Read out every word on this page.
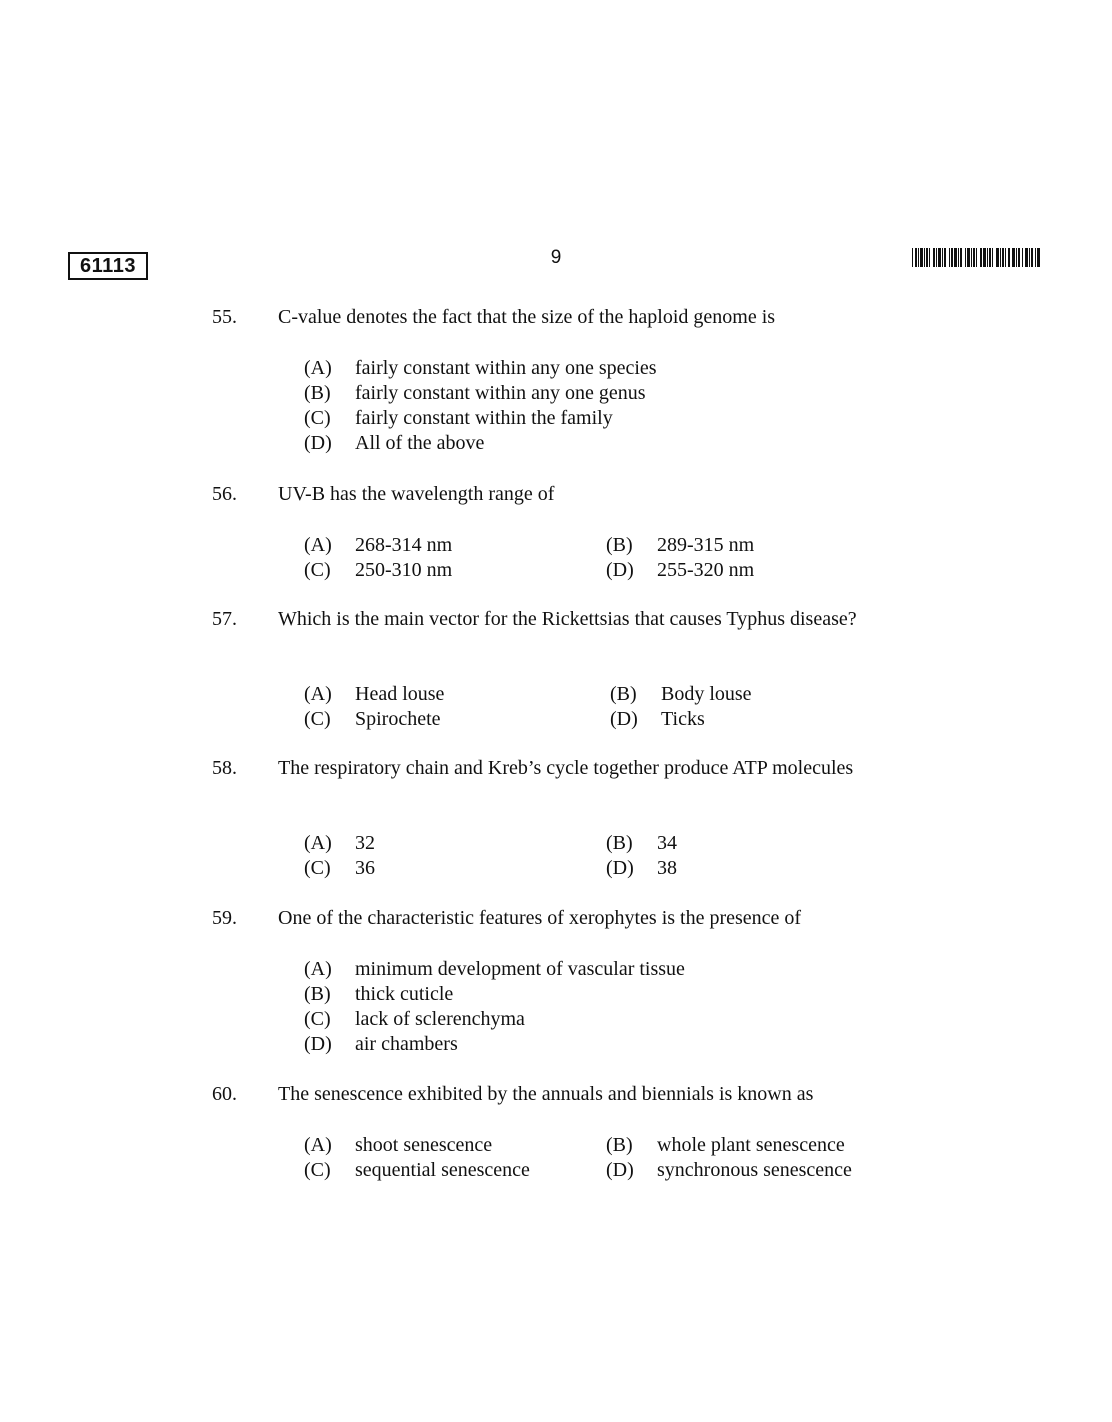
61113	9
55. C-value denotes the fact that the size of the haploid genome is
(A) fairly constant within any one species
(B) fairly constant within any one genus
(C) fairly constant within the family
(D) All of the above
56. UV-B has the wavelength range of
(A) 268-314 nm	(B) 289-315 nm
(C) 250-310 nm	(D) 255-320 nm
57. Which is the main vector for the Rickettsias that causes Typhus disease?
(A) Head louse	(B) Body louse
(C) Spirochete	(D) Ticks
58. The respiratory chain and Kreb’s cycle together produce ATP molecules
(A) 32	(B) 34
(C) 36	(D) 38
59. One of the characteristic features of xerophytes is the presence of
(A) minimum development of vascular tissue
(B) thick cuticle
(C) lack of sclerenchyma
(D) air chambers
60. The senescence exhibited by the annuals and biennials is known as
(A) shoot senescence	(B) whole plant senescence
(C) sequential senescence	(D) synchronous senescence
